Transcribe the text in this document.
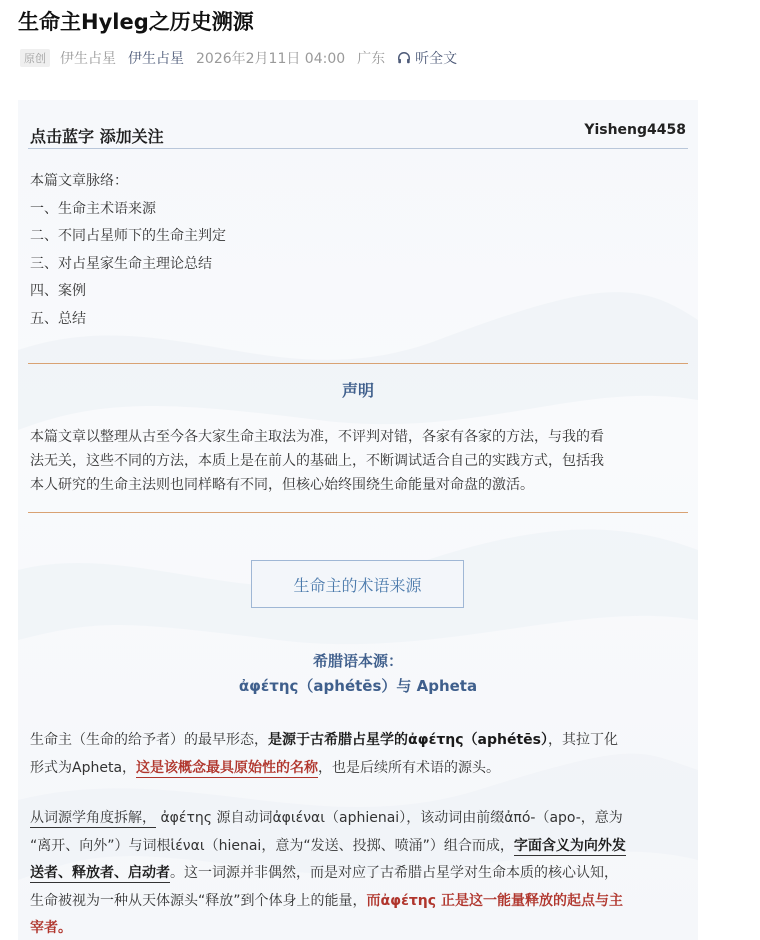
生命主Hyleg之历史溯源
原创 伊生占星 伊生占星 2026年2月11日 04:00 广东 听全文
点击蓝字 添加关注	Yisheng4458
本篇文章脉络：
一、生命主术语来源
二、不同占星师下的生命主判定
三、对占星家生命主理论总结
四、案例
五、总结
声明
本篇文章以整理从古至今各大家生命主取法为准，不评判对错，各家有各家的方法，与我的看
法无关，这些不同的方法，本质上是在前人的基础上，不断调试适合自己的实践方式，包括我
本人研究的生命主法则也同样略有不同，但核心始终围绕生命能量对命盘的激活。
生命主的术语来源
希腊语本源：
ἀφέτης（aphétēs）与 Apheta
生命主（生命的给予者）的最早形态，是源于古希腊占星学的ἀφέτης（aphétēs），其拉丁化
形式为Apheta，这是该概念最具原始性的名称，也是后续所有术语的源头。
从词源学角度拆解， ἀφέτης 源自动词ἀφιέναι（aphienai），该动词由前缀ἀπό-（apo-，意为
“离开、向外”）与词根ἱέναι（hienai，意为“发送、投掷、喷涌”）组合而成，字面含义为向外发
送者、释放者、启动者。这一词源并非偶然，而是对应了古希腊占星学对生命本质的核心认知，
生命被视为一种从天体源头“释放”到个体身上的能量，而ἀφέτης 正是这一能量释放的起点与主
宰者。
